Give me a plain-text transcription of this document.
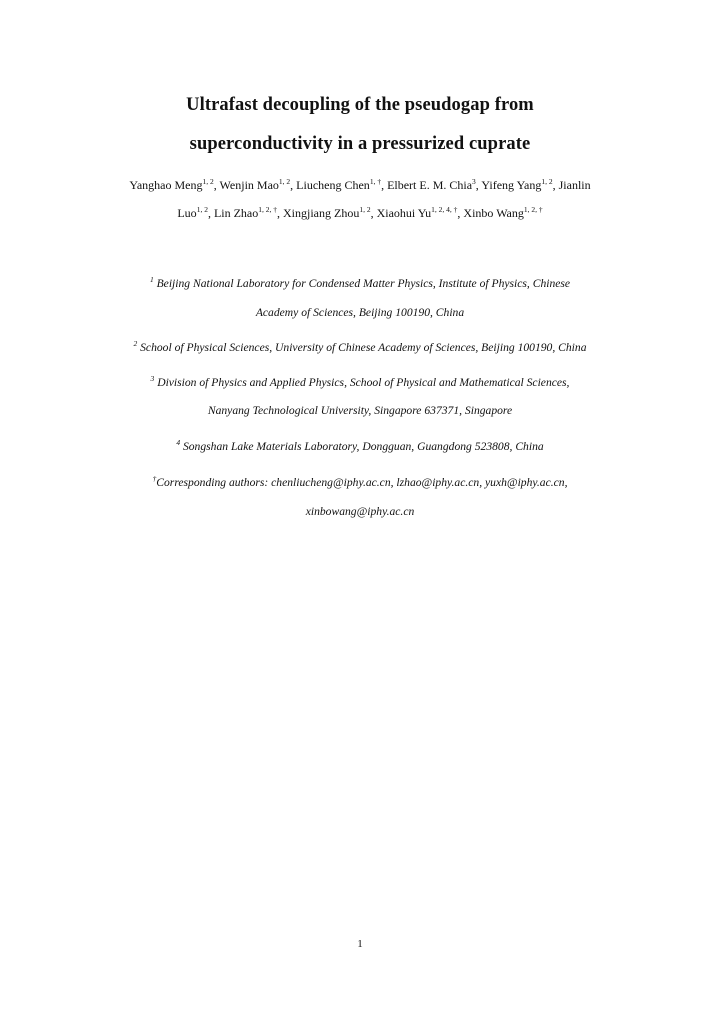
Ultrafast decoupling of the pseudogap from
superconductivity in a pressurized cuprate
Yanghao Meng$^{1, 2}$, Wenjin Mao$^{1, 2}$, Liucheng Chen$^{1, \dagger}$, Elbert E. M. Chia$^3$, Yifeng Yang$^{1, 2}$, Jianlin
Luo$^{1, 2}$, Lin Zhao$^{1, 2, \dagger}$, Xingjiang Zhou$^{1, 2}$, Xiaohui $Yu^{1, 2, 4, \dagger}$, Xinbo Wang$^{1, 2, \dagger}$
$^1$ Beijing National Laboratory for Condensed Matter Physics, Institute of Physics, Chinese
Academy of Sciences, Beijing 100190, China
$^2$ School of Physical Sciences, University of Chinese Academy of Sciences, Beijing 100190, China
$^3$ Division of Physics and Applied Physics, School of Physical and Mathematical Sciences,
Nanyang Technological University, Singapore 637371, Singapore
$^4$ Songshan Lake Materials Laboratory, Dongguan, Guangdong 523808, China
†Corresponding authors: chenliucheng@iphy.ac.cn, lzhao@iphy.ac.cn, yuxh@iphy.ac.cn,
xinbowang@iphy.ac.cn
1
